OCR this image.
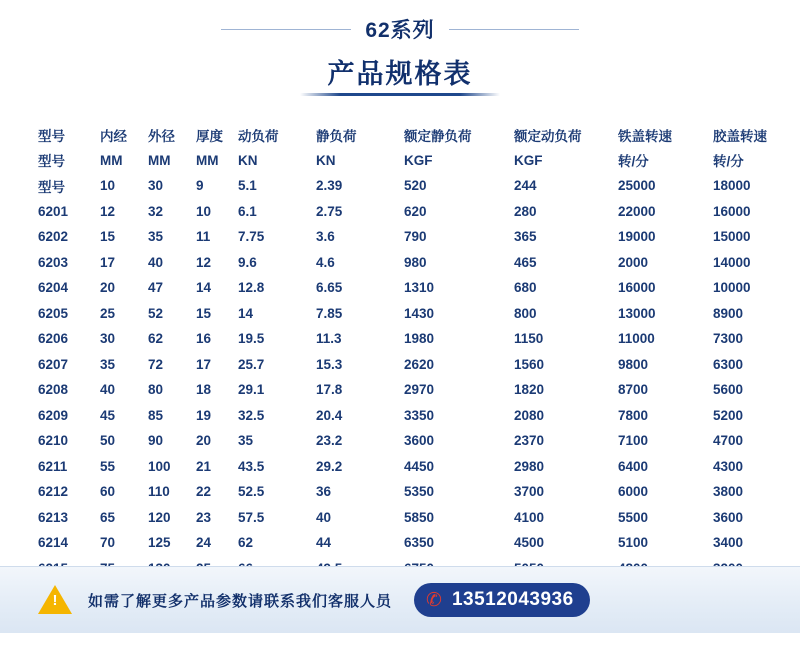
62系列
产品规格表
型号	内经	外径	厚度	动负荷	静负荷	额定静负荷	额定动负荷	铁盖转速	胶盖转速
型号	MM	MM	MM	KN	KN	KGF	KGF	转/分	转/分
型号	10	30	9	5.1	2.39	520	244	25000	18000
6201	12	32	10	6.1	2.75	620	280	22000	16000
6202	15	35	11	7.75	3.6	790	365	19000	15000
6203	17	40	12	9.6	4.6	980	465	2000	14000
6204	20	47	14	12.8	6.65	1310	680	16000	10000
6205	25	52	15	14	7.85	1430	800	13000	8900
6206	30	62	16	19.5	11.3	1980	1150	11000	7300
6207	35	72	17	25.7	15.3	2620	1560	9800	6300
6208	40	80	18	29.1	17.8	2970	1820	8700	5600
6209	45	85	19	32.5	20.4	3350	2080	7800	5200
6210	50	90	20	35	23.2	3600	2370	7100	4700
6211	55	100	21	43.5	29.2	4450	2980	6400	4300
6212	60	110	22	52.5	36	5350	3700	6000	3800
6213	65	120	23	57.5	40	5850	4100	5500	3600
6214	70	125	24	62	44	6350	4500	5100	3400

!	如需了解更多产品参数请联系我们客服人员 ✆ 13512043936
